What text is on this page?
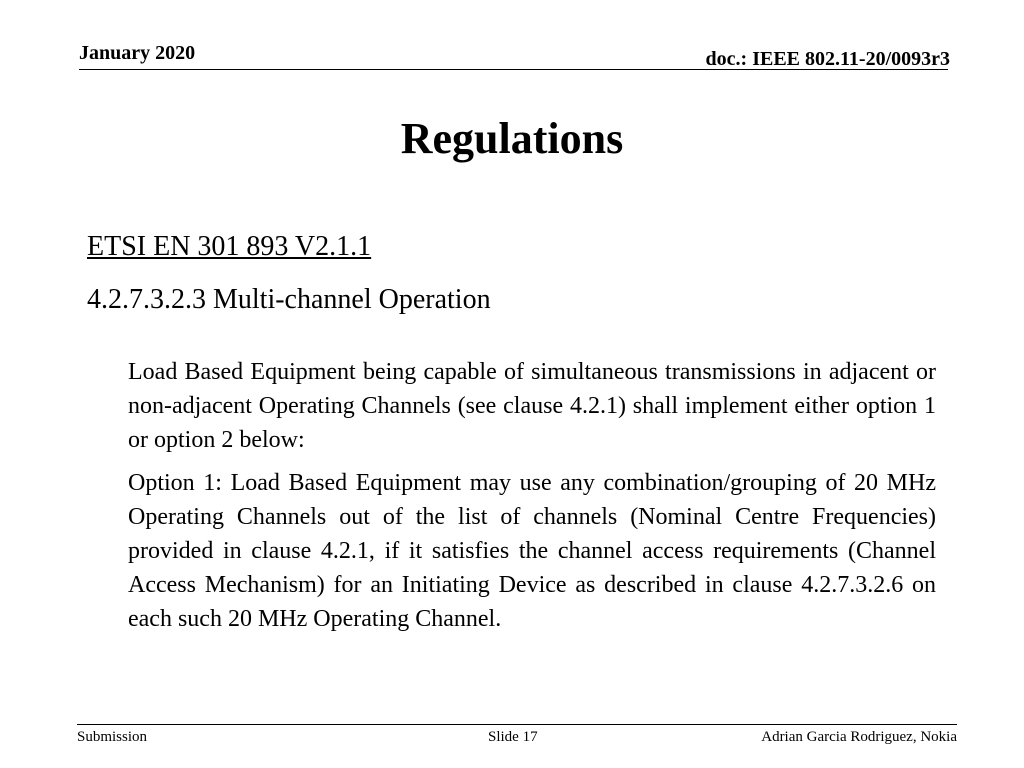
January 2020	doc.: IEEE 802.11-20/0093r3
Regulations
ETSI EN 301 893 V2.1.1
4.2.7.3.2.3 Multi-channel Operation

Load Based Equipment being capable of simultaneous transmissions in adjacent or non-adjacent Operating Channels (see clause 4.2.1) shall implement either option 1 or option 2 below:

Option 1: Load Based Equipment may use any combination/grouping of 20 MHz Operating Channels out of the list of channels (Nominal Centre Frequencies) provided in clause 4.2.1, if it satisfies the channel access requirements (Channel Access Mechanism) for an Initiating Device as described in clause 4.2.7.3.2.6 on each such 20 MHz Operating Channel.

Submission	Slide 17	Adrian Garcia Rodriguez, Nokia
